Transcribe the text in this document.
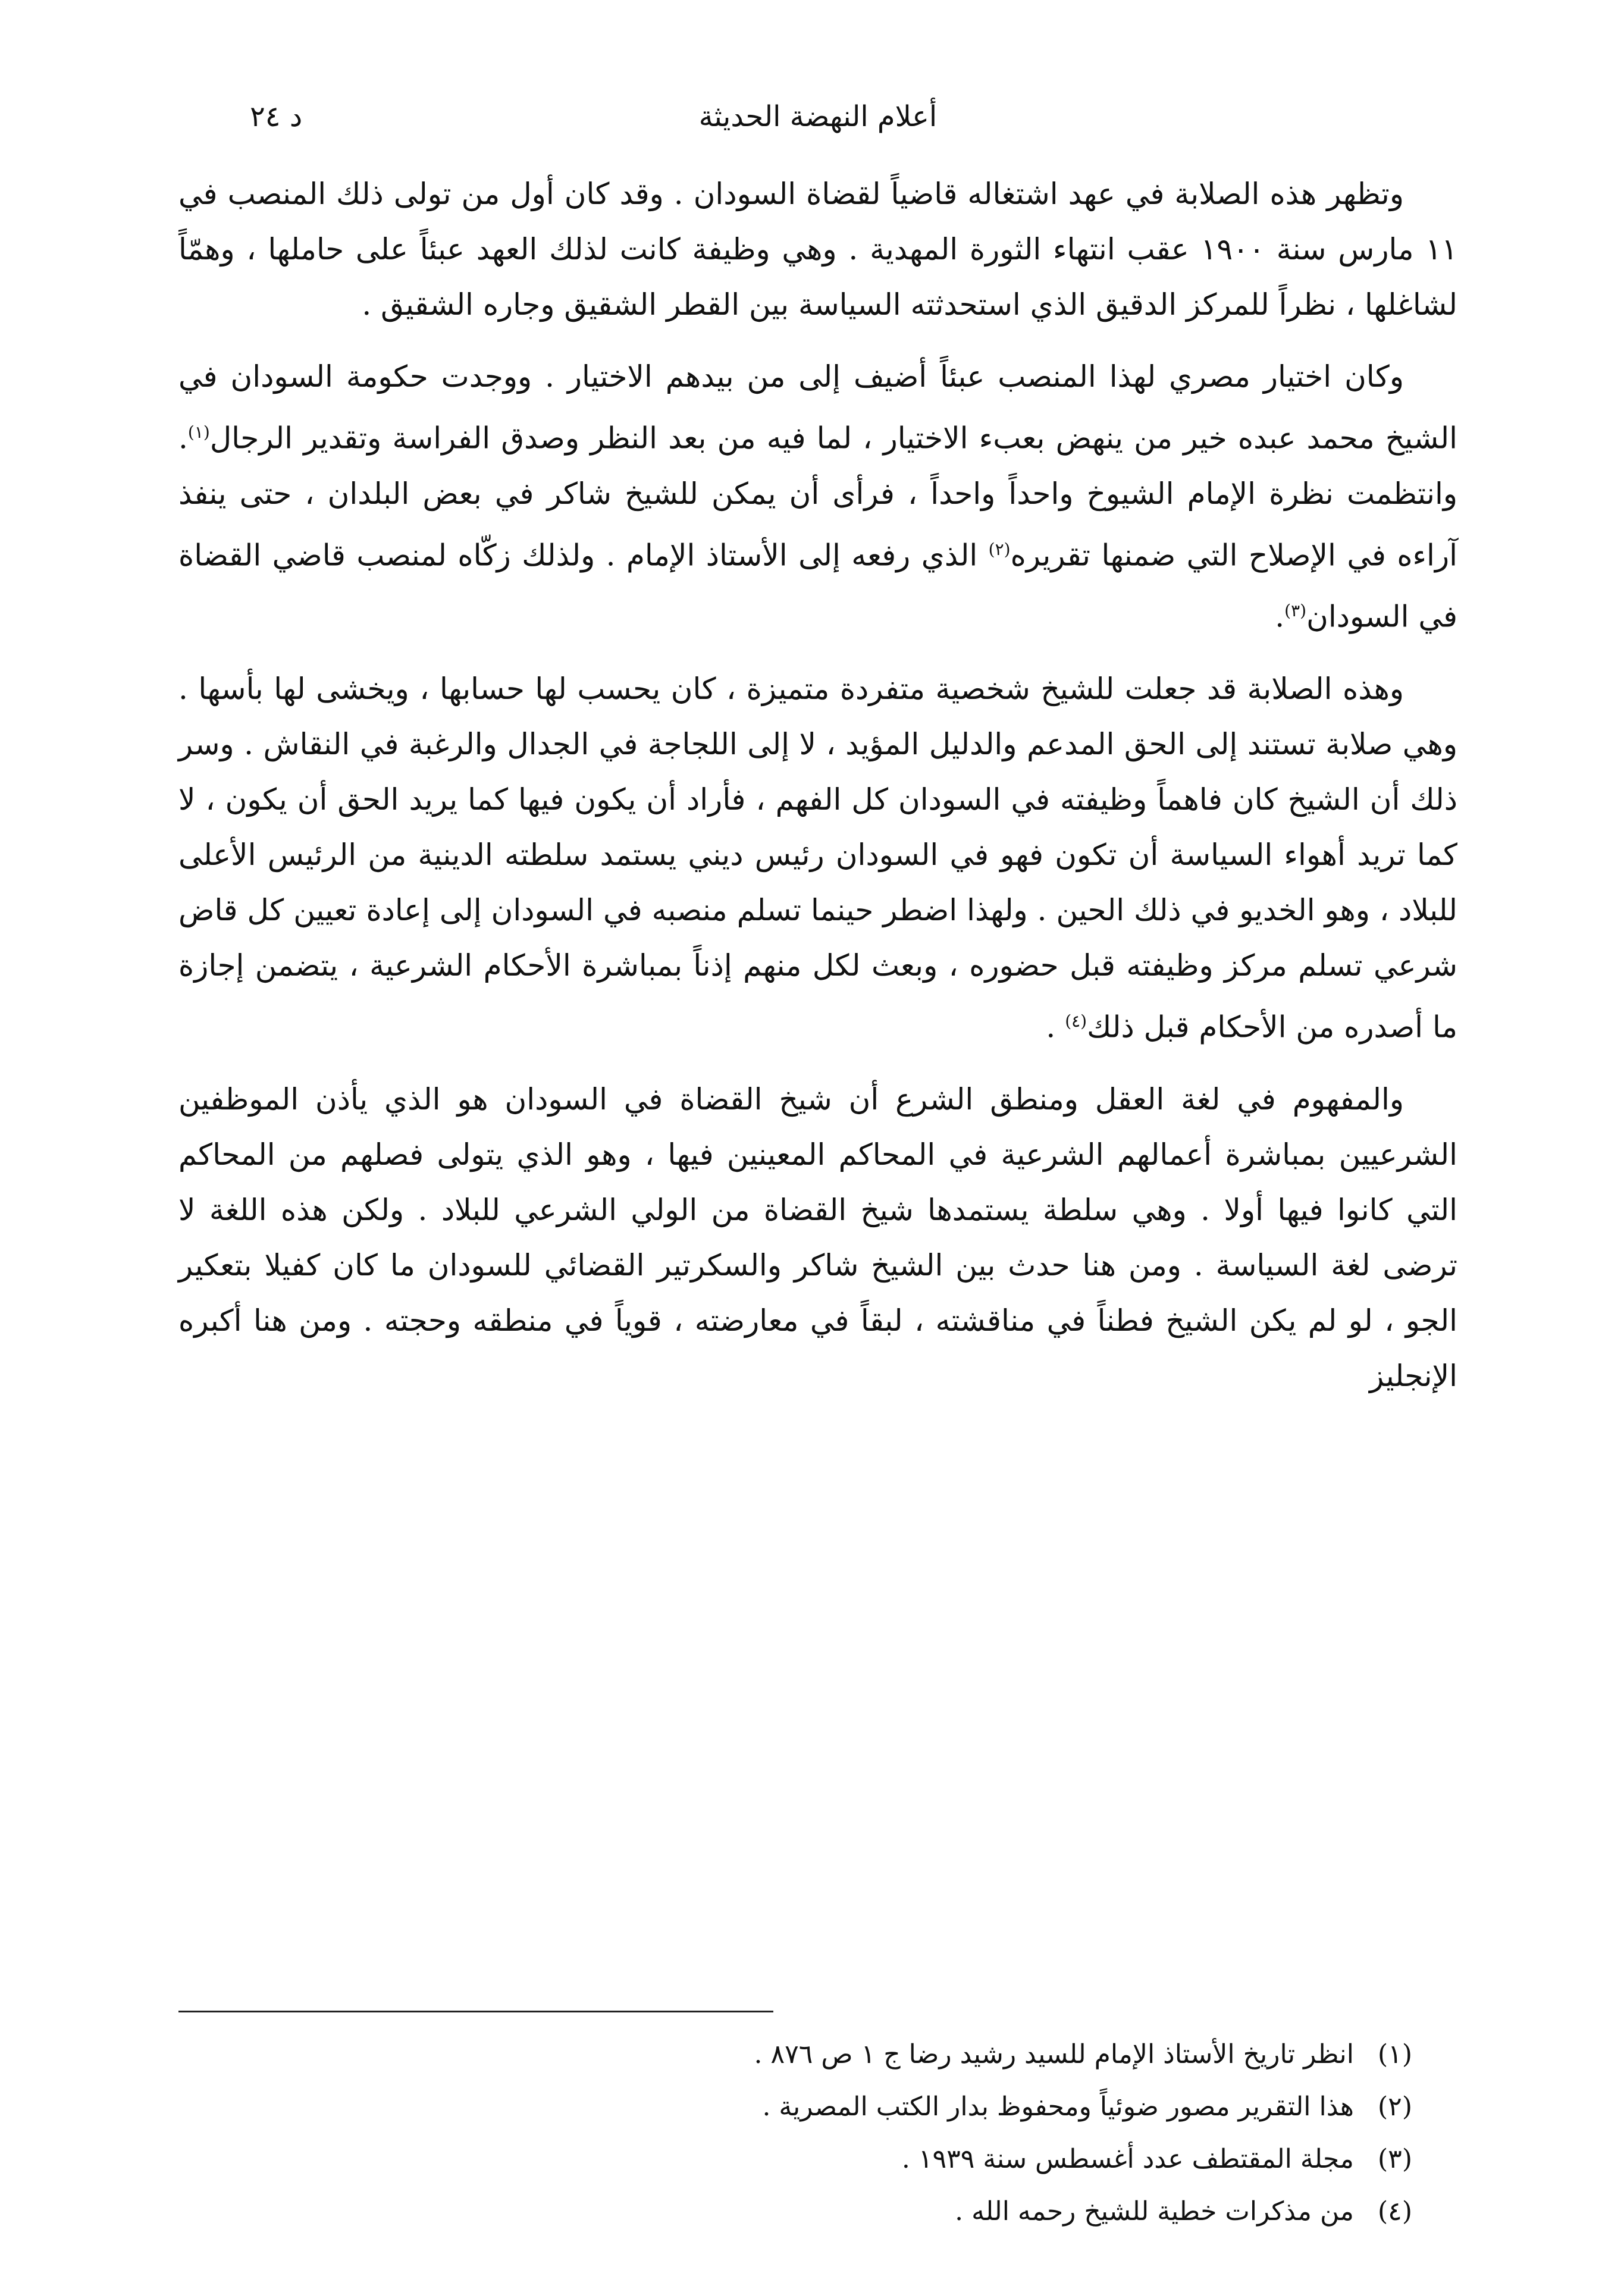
أعلام النهضة الحديثة
د ٢٤

وتظهر هذه الصلابة في عهد اشتغاله قاضياً لقضاة السودان . وقد كان أول من تولى ذلك المنصب في ١١ مارس سنة ١٩٠٠ عقب انتهاء الثورة المهدية . وهي وظيفة كانت لذلك العهد عبئاً على حاملها ، وهمّاً لشاغلها ، نظراً للمركز الدقيق الذي استحدثته السياسة بين القطر الشقيق وجاره الشقيق .

وكان اختيار مصري لهذا المنصب عبئاً أضيف إلى من بيدهم الاختيار . ووجدت حكومة السودان في الشيخ محمد عبده خير من ينهض بعبء الاختيار ، لما فيه من بعد النظر وصدق الفراسة وتقدير الرجال$^{(١)}$. وانتظمت نظرة الإمام الشيوخ واحداً واحداً ، فرأى أن يمكن للشيخ شاكر في بعض البلدان ، حتى ينفذ آراءه في الإصلاح التي ضمنها تقريره$^{(٢)}$ الذي رفعه إلى الأستاذ الإمام . ولذلك زكّاه لمنصب قاضي القضاة في السودان$^{(٣)}$.

وهذه الصلابة قد جعلت للشيخ شخصية متفردة متميزة ، كان يحسب لها حسابها ، ويخشى لها بأسها . وهي صلابة تستند إلى الحق المدعم والدليل المؤيد ، لا إلى اللجاجة في الجدال والرغبة في النقاش . وسر ذلك أن الشيخ كان فاهماً وظيفته في السودان كل الفهم ، فأراد أن يكون فيها كما يريد الحق أن يكون ، لا كما تريد أهواء السياسة أن تكون فهو في السودان رئيس ديني يستمد سلطته الدينية من الرئيس الأعلى للبلاد ، وهو الخديو في ذلك الحين . ولهذا اضطر حينما تسلم منصبه في السودان إلى إعادة تعيين كل قاض شرعي تسلم مركز وظيفته قبل حضوره ، وبعث لكل منهم إذناً بمباشرة الأحكام الشرعية ، يتضمن إجازة ما أصدره من الأحكام قبل ذلك$^{(٤)}$ .

والمفهوم في لغة العقل ومنطق الشرع أن شيخ القضاة في السودان هو الذي يأذن الموظفين الشرعيين بمباشرة أعمالهم الشرعية في المحاكم المعينين فيها ، وهو الذي يتولى فصلهم من المحاكم التي كانوا فيها أولا . وهي سلطة يستمدها شيخ القضاة من الولي الشرعي للبلاد . ولكن هذه اللغة لا ترضى لغة السياسة . ومن هنا حدث بين الشيخ شاكر والسكرتير القضائي للسودان ما كان كفيلا بتعكير الجو ، لو لم يكن الشيخ فطناً في مناقشته ، لبقاً في معارضته ، قوياً في منطقه وحجته . ومن هنا أكبره الإنجليز

(١)
انظر تاريخ الأستاذ الإمام للسيد رشيد رضا ج ١ ص ٨٧٦ .
(٢)
هذا التقرير مصور ضوئياً ومحفوظ بدار الكتب المصرية .
(٣)
مجلة المقتطف عدد أغسطس سنة ١٩٣٩ .
(٤)
من مذكرات خطية للشيخ رحمه الله .
